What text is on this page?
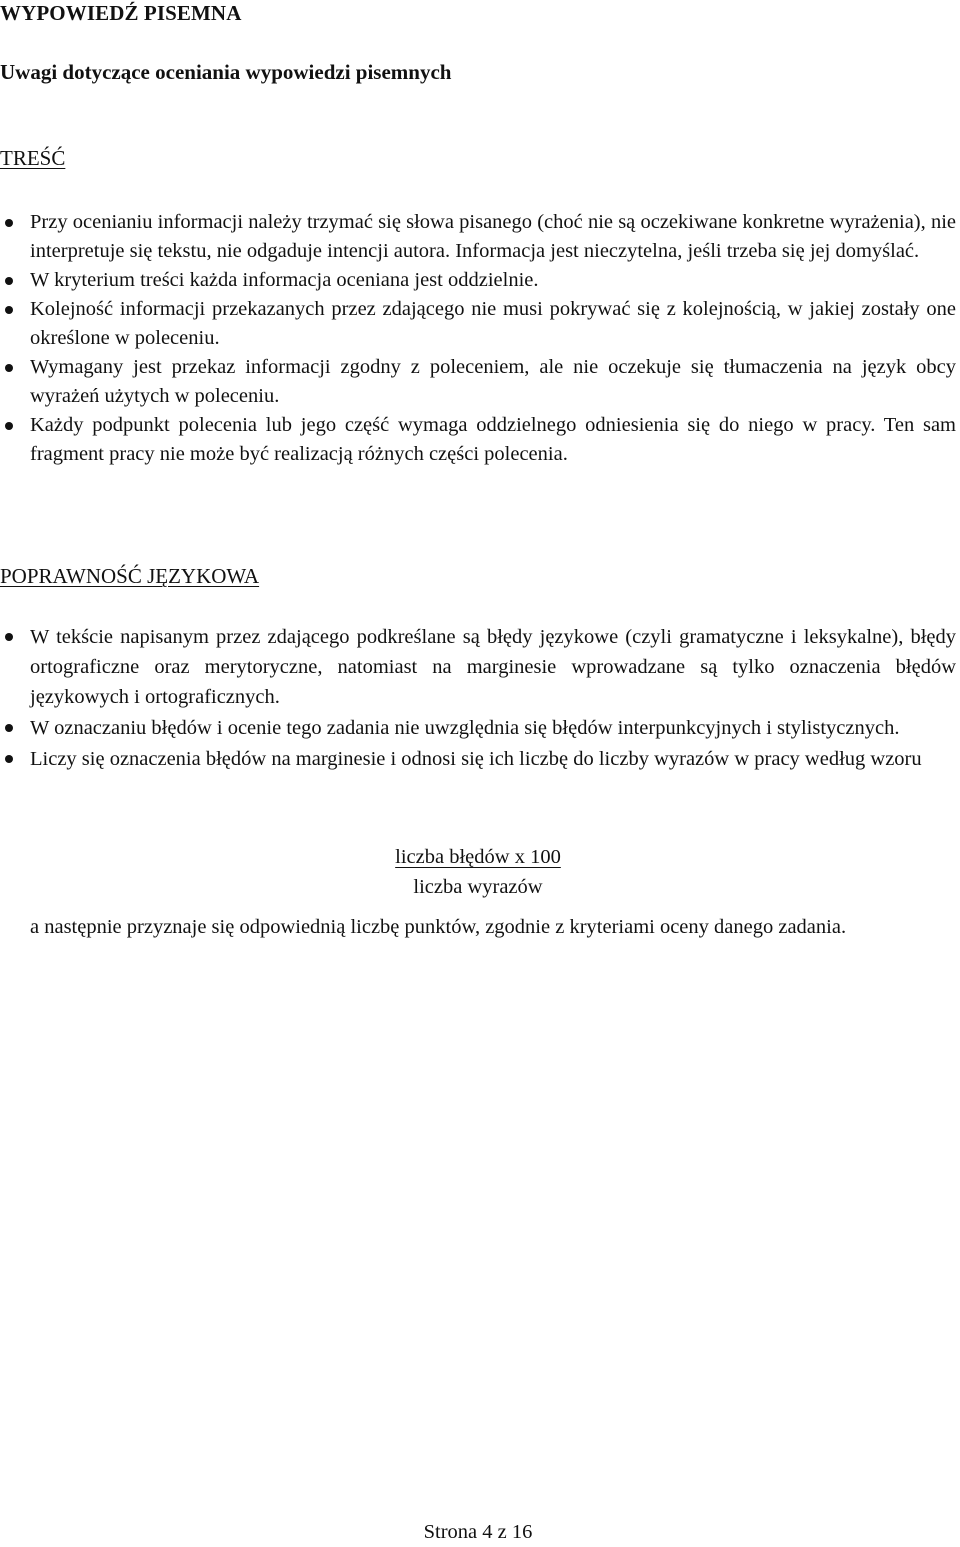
WYPOWIEDŹ PISEMNA
Uwagi dotyczące oceniania wypowiedzi pisemnych
TREŚĆ
Przy ocenianiu informacji należy trzymać się słowa pisanego (choć nie są oczekiwane konkretne wyrażenia), nie interpretuje się tekstu, nie odgaduje intencji autora. Informacja jest nieczytelna, jeśli trzeba się jej domyślać.
W kryterium treści każda informacja oceniana jest oddzielnie.
Kolejność informacji przekazanych przez zdającego nie musi pokrywać się z kolejnością, w jakiej zostały one określone w poleceniu.
Wymagany jest przekaz informacji zgodny z poleceniem, ale nie oczekuje się tłumaczenia na język obcy wyrażeń użytych w poleceniu.
Każdy podpunkt polecenia lub jego część wymaga oddzielnego odniesienia się do niego w pracy. Ten sam fragment pracy nie może być realizacją różnych części polecenia.
POPRAWNOŚĆ JĘZYKOWA
W tekście napisanym przez zdającego podkreślane są błędy językowe (czyli gramatyczne i leksykalne), błędy ortograficzne oraz merytoryczne, natomiast na marginesie wprowadzane są tylko oznaczenia błędów językowych i ortograficznych.
W oznaczaniu błędów i ocenie tego zadania nie uwzględnia się błędów interpunkcyjnych i stylistycznych.
Liczy się oznaczenia błędów na marginesie i odnosi się ich liczbę do liczby wyrazów w pracy według wzoru
liczba błędów x 100
liczba wyrazów

a następnie przyznaje się odpowiednią liczbę punktów, zgodnie z kryteriami oceny danego zadania.

Strona 4 z 16
